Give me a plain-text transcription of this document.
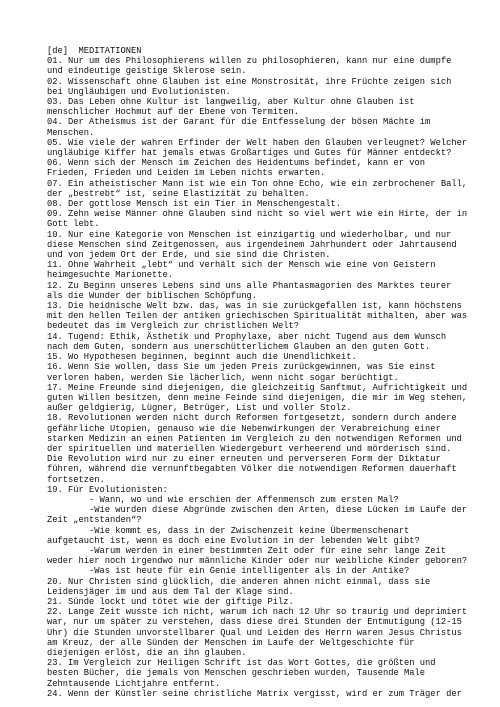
[de] MEDITATIONEN

01. Nur um des Philosophierens willen zu philosophieren, kann nur eine dumpfe und eindeutige geistige Sklerose sein.

02. Wissenschaft ohne Glauben ist eine Monstrosität, ihre Früchte zeigen sich bei Ungläubigen und Evolutionisten.

03. Das Leben ohne Kultur ist langweilig, aber Kultur ohne Glauben ist menschlicher Hochmut auf der Ebene von Termiten.

04. Der Atheismus ist der Garant für die Entfesselung der bösen Mächte im Menschen.

05. Wie viele der wahren Erfinder der Welt haben den Glauben verleugnet? Welcher ungläubige Kiffer hat jemals etwas Großartiges und Gutes für Männer entdeckt?

06. Wenn sich der Mensch im Zeichen des Heidentums befindet, kann er von Frieden, Frieden und Leiden im Leben nichts erwarten.

07. Ein atheistischer Mann ist wie ein Ton ohne Echo, wie ein zerbrochener Ball, der „bestrebt“ ist, seine Elastizität zu behalten.

08. Der gottlose Mensch ist ein Tier in Menschengestalt.

09. Zehn weise Männer ohne Glauben sind nicht so viel wert wie ein Hirte, der in Gott lebt.

10. Nur eine Kategorie von Menschen ist einzigartig und wiederholbar, und nur diese Menschen sind Zeitgenossen, aus irgendeinem Jahrhundert oder Jahrtausend und von jedem Ort der Erde, und sie sind die Christen.

11. Ohne Wahrheit „lebt“ und verhält sich der Mensch wie eine von Geistern heimgesuchte Marionette.

12. Zu Beginn unseres Lebens sind uns alle Phantasmagorien des Marktes teurer als die Wunder der biblischen Schöpfung.

13. Die heidnische Welt bzw. das, was in sie zurückgefallen ist, kann höchstens mit den hellen Teilen der antiken griechischen Spiritualität mithalten, aber was bedeutet das im Vergleich zur christlichen Welt?

14. Tugend: Ethik, Ästhetik und Prophylaxe, aber nicht Tugend aus dem Wunsch nach dem Guten, sondern aus unerschütterlichem Glauben an den guten Gott.

15. Wo Hypothesen beginnen, beginnt auch die Unendlichkeit.

16. Wenn Sie wollen, dass Sie um jeden Preis zurückgewinnen, was Sie einst verloren haben, werden Sie lächerlich, wenn nicht sogar berüchtigt.

17. Meine Freunde sind diejenigen, die gleichzeitig Sanftmut, Aufrichtigkeit und guten Willen besitzen, denn meine Feinde sind diejenigen, die mir im Weg stehen, außer geldgierig, Lügner, Betrüger, List und voller Stolz.

18. Revolutionen werden nicht durch Reformen fortgesetzt, sondern durch andere gefährliche Utopien, genauso wie die Nebenwirkungen der Verabreichung einer starken Medizin an einen Patienten im Vergleich zu den notwendigen Reformen und der spirituellen und materiellen Wiedergeburt verheerend und mörderisch sind. Die Revolution wird nur zu einer erneuten und perverseren Form der Diktatur führen, während die vernunftbegabten Völker die notwendigen Reformen dauerhaft fortsetzen.

19. Für Evolutionisten:

- Wann, wo und wie erschien der Affenmensch zum ersten Mal?

-Wie wurden diese Abgründe zwischen den Arten, diese Lücken im Laufe der Zeit „entstanden“?

-Wie kommt es, dass in der Zwischenzeit keine Übermenschenart aufgetaucht ist, wenn es doch eine Evolution in der lebenden Welt gibt?

-Warum werden in einer bestimmten Zeit oder für eine sehr lange Zeit weder hier noch irgendwo nur männliche Kinder oder nur weibliche Kinder geboren?

-Was ist heute für ein Genie intelligenter als in der Antike?

20. Nur Christen sind glücklich, die anderen ahnen nicht einmal, dass sie Leidensjäger im und aus dem Tal der Klage sind.

21. Sünde lockt und tötet wie der giftige Pilz.

22. Lange Zeit wusste ich nicht, warum ich nach 12 Uhr so traurig und deprimiert war, nur um später zu verstehen, dass diese drei Stunden der Entmutigung (12-15 Uhr) die Stunden unvorstellbarer Qual und Leiden des Herrn waren Jesus Christus am Kreuz, der alle Sünden der Menschen im Laufe der Weltgeschichte für diejenigen erlöst, die an ihn glauben.

23. Im Vergleich zur Heiligen Schrift ist das Wort Gottes, die größten und besten Bücher, die jemals von Menschen geschrieben wurden, Tausende Male Zehntausende Lichtjahre entfernt.

24. Wenn der Künstler seine christliche Matrix vergisst, wird er zum Träger der
